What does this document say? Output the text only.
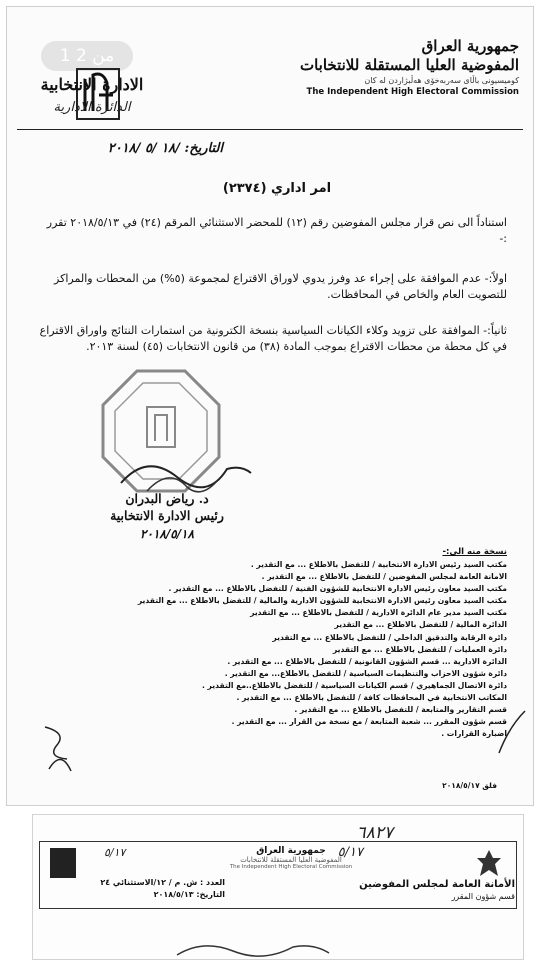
1 من 2	جمهورية العراق
المفوضية العليا المستقلة للانتخابات
كومیسیونی باڵای سەربەخۆی هەڵبژاردن لە كان
The Independent High Electoral Commission
الادارة الانتخابية
الدائرة الادارية
التاريخ: /١٨ /٥ /٢٠١٨
امر اداري (٢٣٧٤)
استناداً الى نص قرار مجلس المفوضين رقم (١٢) للمحضر الاستثنائي المرقم (٢٤) في ٢٠١٨/٥/١٣ تقرر :-
اولاً:- عدم الموافقة على إجراء عد وفرز يدوي لاوراق الاقتراع لمجموعة (٥%) من المحطات والمراكز للتصويت العام والخاص في المحافظات.
ثانياً:- الموافقة على تزويد وكلاء الكيانات السياسية بنسخة الكترونية من استمارات النتائج واوراق الاقتراع في كل محطة من محطات الاقتراع بموجب المادة (٣٨) من قانون الانتخابات (٤٥) لسنة ٢٠١٣.
د. رياض البدران
رئيس الادارة الانتخابية
٢٠١٨/٥/١٨
نسخة منه الى:-
مكتب السيد رئيس الادارة الانتخابية / للتفضل بالاطلاع ... مع التقدير .
الامانة العامة لمجلس المفوضين / للتفضل بالاطلاع ... مع التقدير .
مكتب السيد معاون رئيس الادارة الانتخابية للشؤون الفنية / للتفضل بالاطلاع ... مع التقدير .
مكتب السيد معاون رئيس الادارة الانتخابية للشؤون الادارية والمالية / للتفضل بالاطلاع ... مع التقدير
مكتب السيد مدير عام الدائرة الادارية / للتفضل بالاطلاع ... مع التقدير
الدائرة المالية / للتفضل بالاطلاع ... مع التقدير
دائرة الرقابة والتدقيق الداخلي / للتفضل بالاطلاع ... مع التقدير
دائرة العمليات / للتفضل بالاطلاع ... مع التقدير
الدائرة الادارية ... قسم الشؤون القانونية / للتفضل بالاطلاع ... مع التقدير .
دائرة شؤون الاحزاب والتنظيمات السياسية / للتفضل بالاطلاع... مع التقدير .
دائرة الاتصال الجماهيري / قسم الكيانات السياسية / للتفضل بالاطلاع..مع التقدير .
المكاتب الانتخابية في المحافظات كافة / للتفضل بالاطلاع ... مع التقدير .
قسم التقارير والمتابعة / للتفضل بالاطلاع ... مع التقدير .
قسم شؤون المقرر ... شعبة المتابعة / مع نسخة من القرار ... مع التقدير .
اضبارة القرارات .
فلق ٢٠١٨/٥/١٧
٦٨٢٧
٥/١٧
٥/١٧	جمهورية العراق
المفوضية العليا المستقلة للانتخابات
The Independent High Electoral Commission
الأمانة العامة لمجلس المفوضين
قسم شؤون المقرر
العدد : ش. م / ١٢/الاستثنائي ٢٤
التاريخ: ٢٠١٨/٥/١٣
